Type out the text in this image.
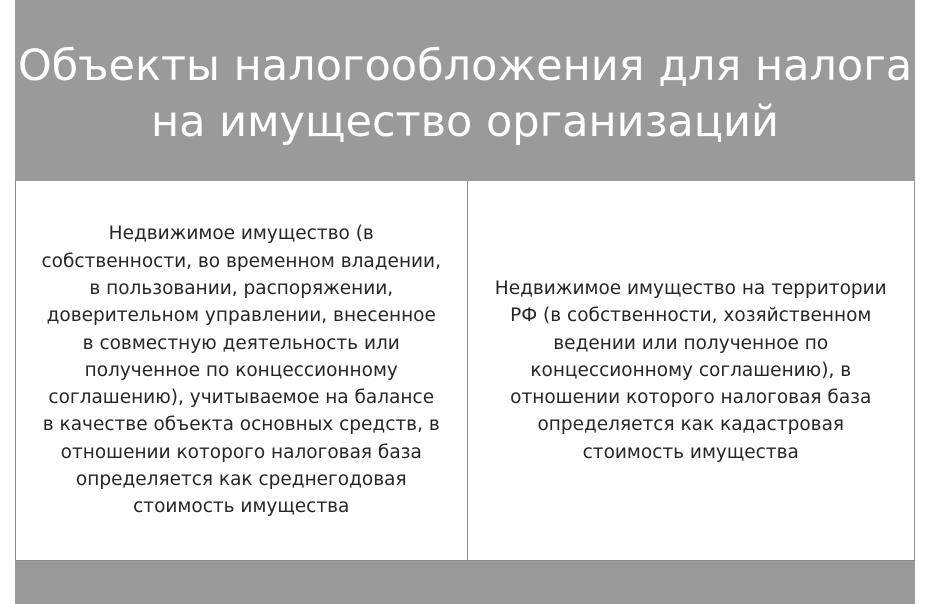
Объекты налогообложения для налога на имущество организаций

Недвижимое имущество (в собственности, во временном владении, в пользовании, распоряжении, доверительном управлении, внесенное в совместную деятельность или полученное по концессионному соглашению), учитываемое на балансе в качестве объекта основных средств, в отношении которого налоговая база определяется как среднегодовая стоимость имущества

Недвижимое имущество на территории РФ (в собственности, хозяйственном ведении или полученное по концессионному соглашению), в отношении которого налоговая база определяется как кадастровая стоимость имущества
